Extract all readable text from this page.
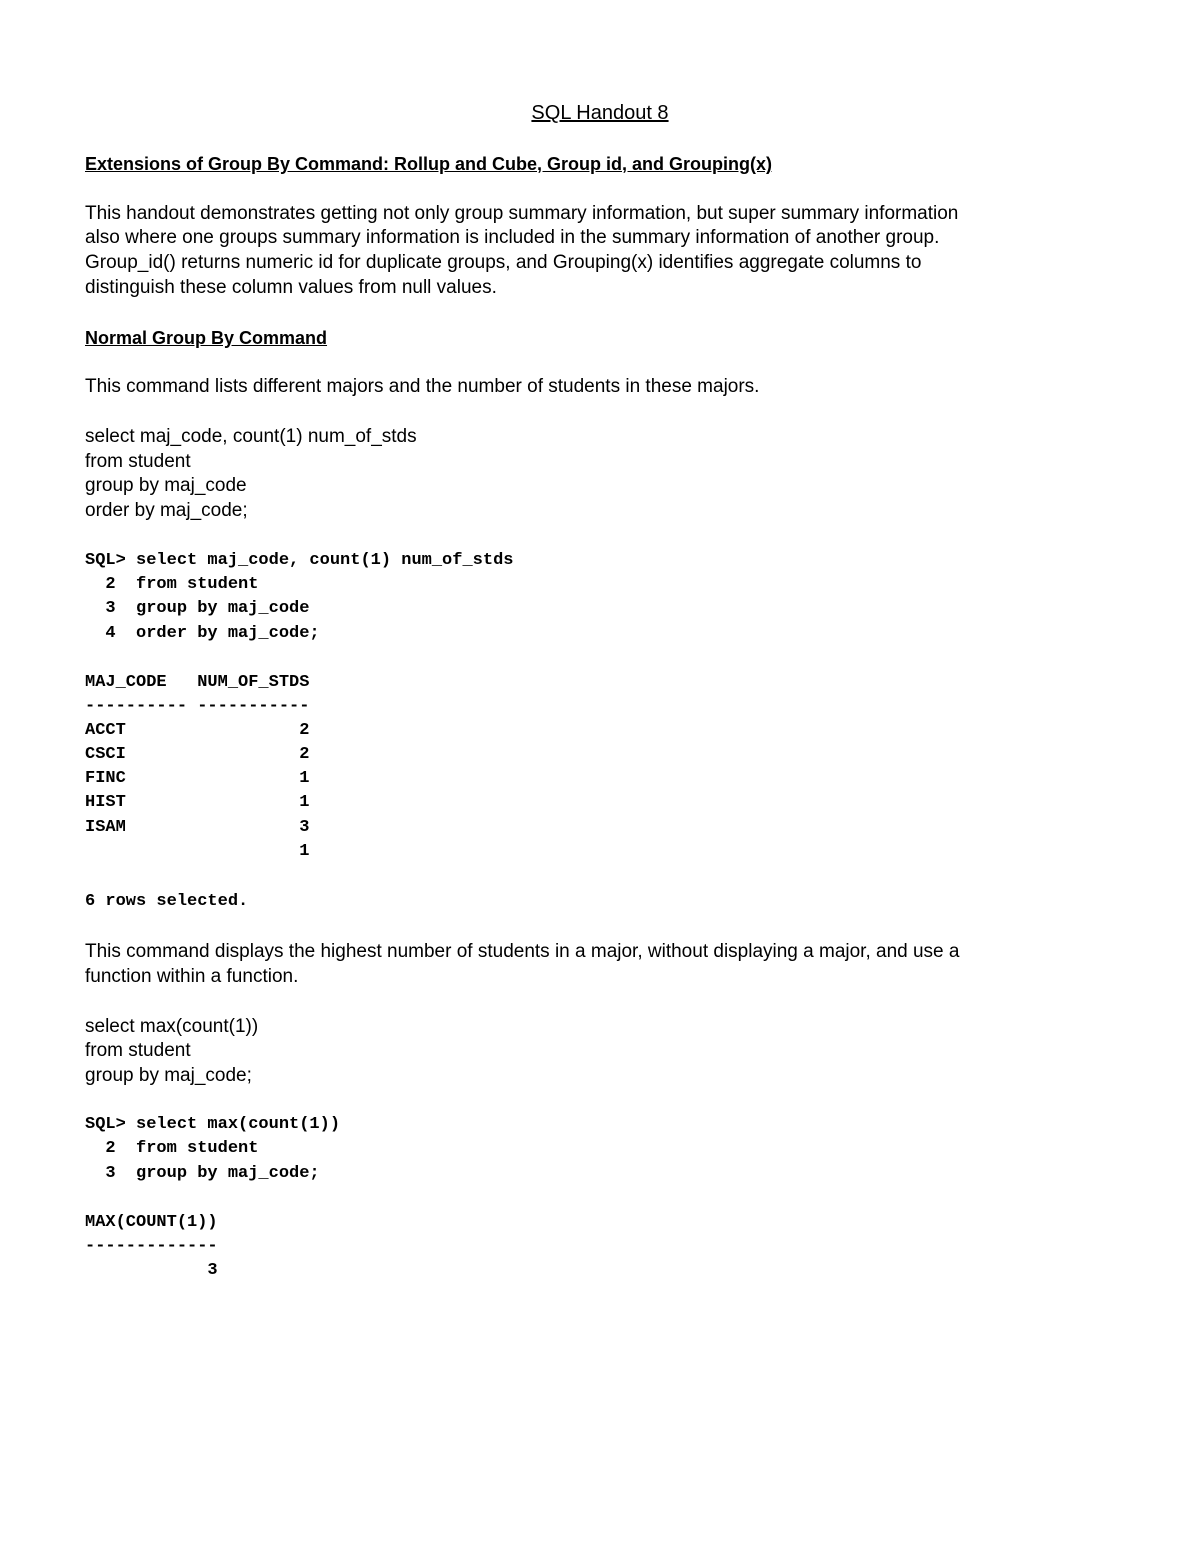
SQL Handout 8

Extensions of Group By Command: Rollup and Cube, Group id, and Grouping(x)

This handout demonstrates getting not only group summary information, but super summary information

also where one groups summary information is included in the summary information of another group.

Group_id() returns numeric id for duplicate groups, and Grouping(x) identifies aggregate columns to

distinguish these column values from null values.

Normal Group By Command

This command lists different majors and the number of students in these majors.

select maj_code, count(1) num_of_stds

from student

group by maj_code

order by maj_code;

SQL> select maj_code, count(1) num_of_stds

2  from student

3  group by maj_code

4  order by maj_code;

MAJ_CODE   NUM_OF_STDS

---------- -----------

ACCT                 2

CSCI                 2

FINC                 1

HIST                 1

ISAM                 3

1

6 rows selected.

This command displays the highest number of students in a major, without displaying a major, and use a

function within a function.

select max(count(1))

from student

group by maj_code;

SQL> select max(count(1))

2  from student

3  group by maj_code;

MAX(COUNT(1))

-------------

3
